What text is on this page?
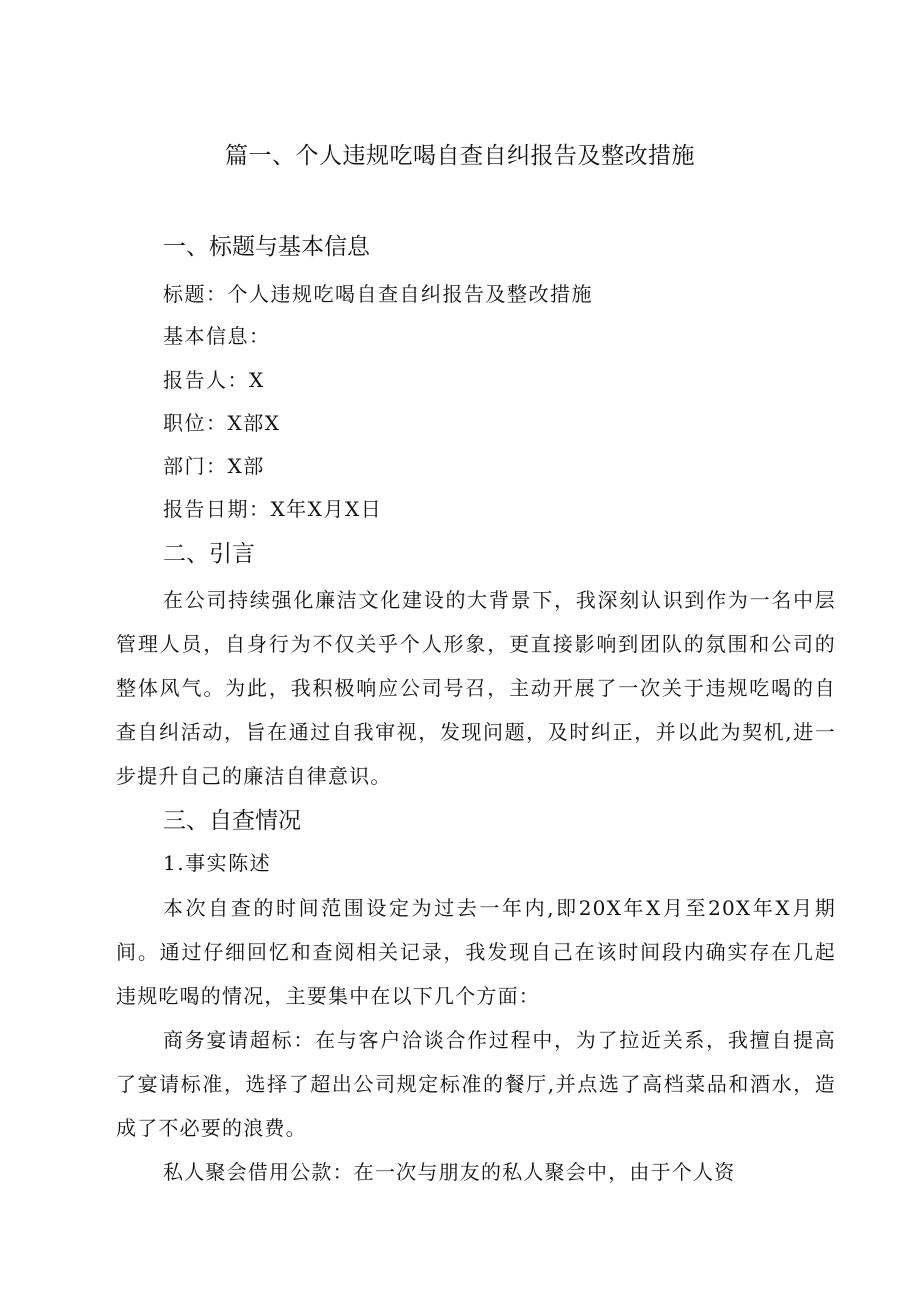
篇一、个人违规吃喝自查自纠报告及整改措施
一、标题与基本信息
标题：个人违规吃喝自查自纠报告及整改措施
基本信息：
报告人：X
职位：X部X
部门：X部
报告日期：X年X月X日
二、引言
在公司持续强化廉洁文化建设的大背景下，我深刻认识到作为一名中层管理人员，自身行为不仅关乎个人形象，更直接影响到团队的氛围和公司的整体风气。为此，我积极响应公司号召，主动开展了一次关于违规吃喝的自查自纠活动，旨在通过自我审视，发现问题，及时纠正，并以此为契机,进一步提升自己的廉洁自律意识。
三、自查情况
1.事实陈述
本次自查的时间范围设定为过去一年内,即20X年X月至20X年X月期间。通过仔细回忆和查阅相关记录，我发现自己在该时间段内确实存在几起违规吃喝的情况，主要集中在以下几个方面：
商务宴请超标：在与客户洽谈合作过程中，为了拉近关系，我擅自提高了宴请标准，选择了超出公司规定标准的餐厅,并点选了高档菜品和酒水，造成了不必要的浪费。
私人聚会借用公款：在一次与朋友的私人聚会中，由于个人资
